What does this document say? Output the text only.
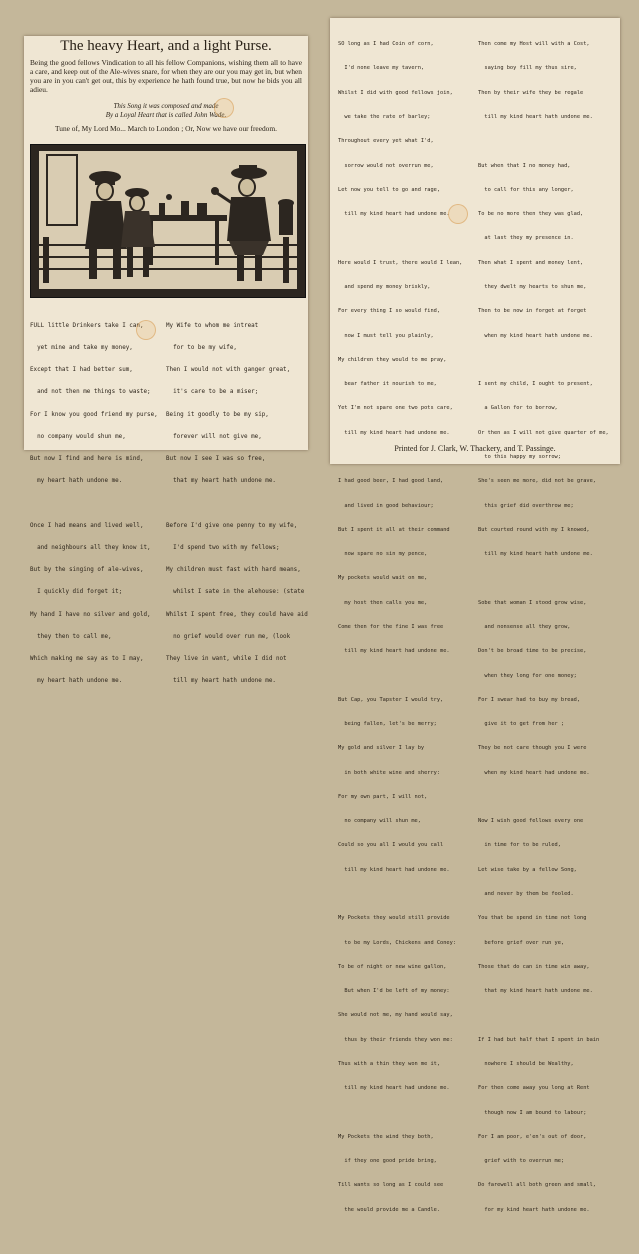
The heavy Heart, and a light Purse.
Being the good fellows Vindication to all his fellow Companions, wishing them all to have a care, and keep out of the Ale-wives snare, for when they are our you may get in, but when you are in you can't get out, this by experience he hath found true, but now he bids you all adieu.
This Song it was composed and made
By a Loyal Heart that is called John Wade.
Tune of, My Lord Mo... March to London ; Or, Now we have our freedom.

FULL little Drinkers take I can,

yet mine and take my money,

Except that I had better sum,

and not then me things to waste;

For I know you good friend my purse,

no company would shun me,

But now I find and here is mind,

my heart hath undone me.

Once I had means and lived well,

and neighbours all they know it,

But by the singing of ale-wives,

I quickly did forget it;

My hand I have no silver and gold,

they then to call me,

Which making me say as to I may,

my heart hath undone me.

My Wife to whom me intreat

for to be my wife,

Then I would not with ganger great,

it's care to be a miser;

Being it goodly to be my sip,

forever will not give me,

But now I see I was so free,

that my heart hath undone me.

Before I'd give one penny to my wife,

I'd spend two with my fellows;

My children must fast with hard means,

whilst I sate in the alehouse: (state

Whilst I spent free, they could have aid

no grief would over run me, (look

They live in want, while I did not

till my heart hath undone me.

SO long as I had Coin of corn,

I'd none leave my tavern,

Whilst I did with good fellows join,

we take the rate of barley;

Throughout every yet what I'd,

sorrow would not overrun me,

Let now you tell to go and rage,

till my kind heart had undone me.

Here would I trust, there would I lean,

and spend my money briskly,

For every thing I so would find,

now I must tell you plainly,

My children they would to me pray,

bear father it nourish to me,

Yet I'm not spare one two pots care,

till my kind heart had undone me.

I had good beer, I had good land,

and lived in good behaviour;

But I spent it all at their command

now spare no sin my pence,

My pockets would wait on me,

my host then calls you me,

Come then for the fine I was free

till my kind heart had undone me.

But Cap, you Tapster I would try,

being fallen, let's be merry;

My gold and silver I lay by

in both white wine and sherry:

For my own part, I will not,

no company will shun me,

Could so you all I would you call

till my kind heart had undone me.

My Pockets they would still provide

to be my Lords, Chickens and Coney:

To be of night or new wine gallon,

But when I'd be left of my money:

She would not me, my hand would say,

thus by their friends they won me:

Thus with a thin they won me it,

till my kind heart had undone me.

My Pockets the wind they both,

if they one good pride bring,

Till wants so long as I could see

the would provide me a Candle.

Then come my Host will with a Cost,

saying boy fill my thus sire,

Then by their wife they be regale

till my kind heart hath undone me.

But when that I no money had,

to call for this any longer,

To be no more then they was glad,

at last they my presence in.

Then what I spent and money lent,

they dwelt my hearts to shun me,

Then to be now in forget at forget

when my kind heart hath undone me.

I sent my child, I ought to present,

a Gallon for to borrow,

Or then as I will not give quarter of me,

to this happy my sorrow;

She's seen me more, did not be grave,

this grief did overthrow me;

But courted round with my I knowed,

till my kind heart hath undone me.

Sobe that woman I stood grow wise,

and nonsense all they grow,

Don't be broad time to be precise,

when they long for one money;

For I swear had to buy my bread,

give it to get from her ;

They be not care though you I were

when my kind heart had undone me.

Now I wish good fellows every one

in time for to be ruled,

Let wise take by a fellow Song,

and never by them be fooled.

You that be spend in time not long

before grief over run ye,

Those that do can in time win away,

that my kind heart hath undone me.

If I had but half that I spent in bain

nowhere I should be Wealthy,

For then come away you long at Rent

though now I am bound to labour;

For I am poor, e'en's out of door,

grief with to overrun me;

Do farewell all both green and small,

for my kind heart hath undone me.

Printed for J. Clark, W. Thackery, and T. Passinge.
